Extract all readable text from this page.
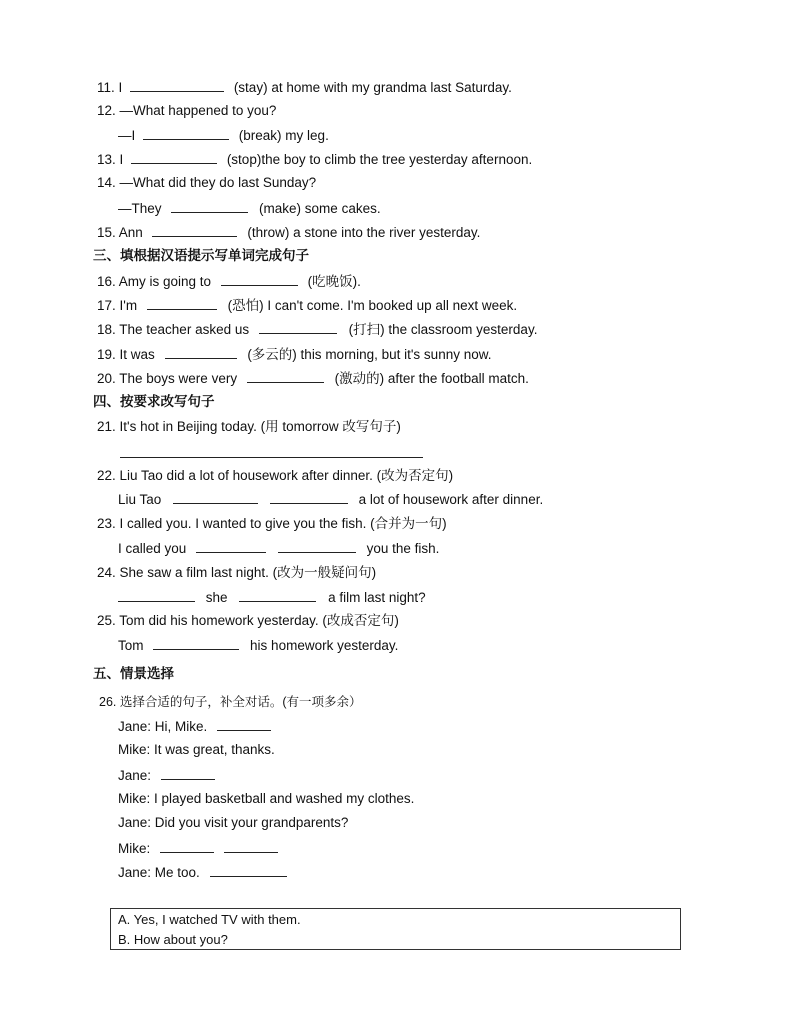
11. I	(stay) at home with my grandma last Saturday.
12. —What happened to you?
—I	(break) my leg.
13. I	(stop)the boy to climb the tree yesterday afternoon.
14. —What did they do last Sunday?
—They	(make) some cakes.
15. Ann	(throw) a stone into the river yesterday.
三、填根据汉语提示写单词完成句子
16. Amy is going to	(吃晚饭).
17. I'm	(恐怕) I can't come. I'm booked up all next week.
18. The teacher asked us	(打扫) the classroom yesterday.
19. It was	(多云的) this morning, but it's sunny now.
20. The boys were very	(激动的) after the football match.
四、按要求改写句子
21. It's hot in Beijing today. (用 tomorrow 改写句子)
22. Liu Tao did a lot of housework after dinner. (改为否定句)
Liu Tao	a lot of housework after dinner.
23. I called you. I wanted to give you the fish. (合并为一句)
I called you	you the fish.
24. She saw a film last night. (改为一般疑问句)
she	a film last night?
25. Tom did his homework yesterday. (改成否定句)
Tom	his homework yesterday.
五、情景选择
26. 选择合适的句子，补全对话。(有一项多余）
Jane: Hi, Mike.
Mike: It was great, thanks.
Jane:
Mike: I played basketball and washed my clothes.
Jane: Did you visit your grandparents?
Mike:
Jane: Me too.
A. Yes, I watched TV with them.
B. How about you?
